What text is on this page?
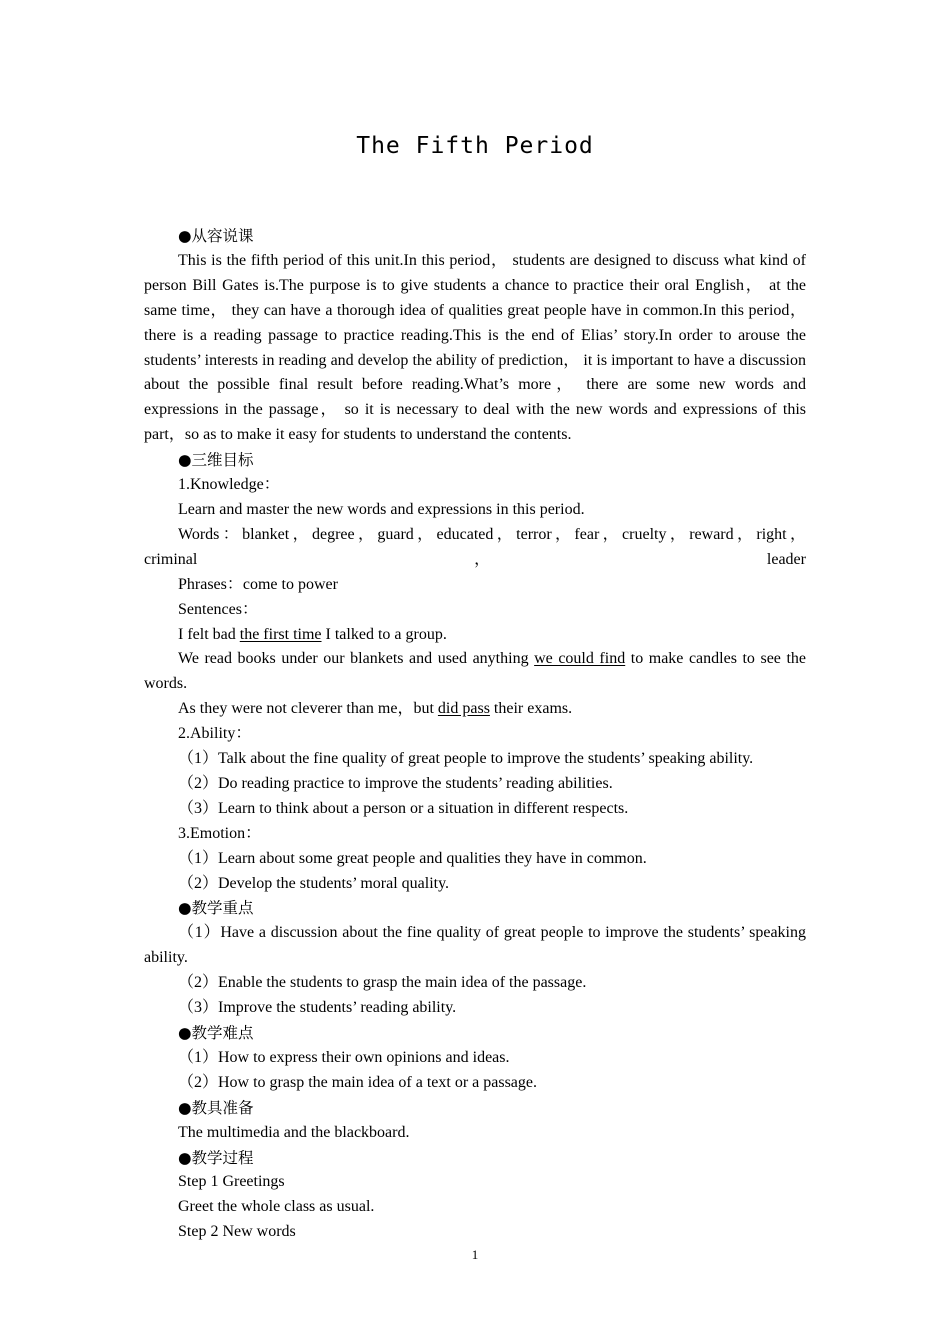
The Fifth Period

●从容说课

This is the fifth period of this unit.In this period， students are designed to discuss what kind of person Bill Gates is.The purpose is to give students a chance to practice their oral English， at the same time， they can have a thorough idea of qualities great people have in common.In this period， there is a reading passage to practice reading.This is the end of Elias’ story.In order to arouse the students’ interests in reading and develop the ability of prediction， it is important to have a discussion about the possible final result before reading.What’s more， there are some new words and expressions in the passage， so it is necessary to deal with the new words and expressions of this part，so as to make it easy for students to understand the contents.

●三维目标

1.Knowledge：

Learn and master the new words and expressions in this period.

Words：blanket，degree，guard，educated，terror，fear，cruelty，reward，right，criminal，leader

Phrases：come to power

Sentences：

I felt bad the first time I talked to a group.

We read books under our blankets and used anything we could find to make candles to see the words.

As they were not cleverer than me，but did pass their exams.

2.Ability：

（1）Talk about the fine quality of great people to improve the students’ speaking ability.

（2）Do reading practice to improve the students’ reading abilities.

（3）Learn to think about a person or a situation in different respects.

3.Emotion：

（1）Learn about some great people and qualities they have in common.

（2）Develop the students’ moral quality.

●教学重点

（1）Have a discussion about the fine quality of great people to improve the students’ speaking ability.

（2）Enable the students to grasp the main idea of the passage.

（3）Improve the students’ reading ability.

●教学难点

（1）How to express their own opinions and ideas.

（2）How to grasp the main idea of a text or a passage.

●教具准备

The multimedia and the blackboard.

●教学过程

Step 1 Greetings

Greet the whole class as usual.

Step 2 New words

1
